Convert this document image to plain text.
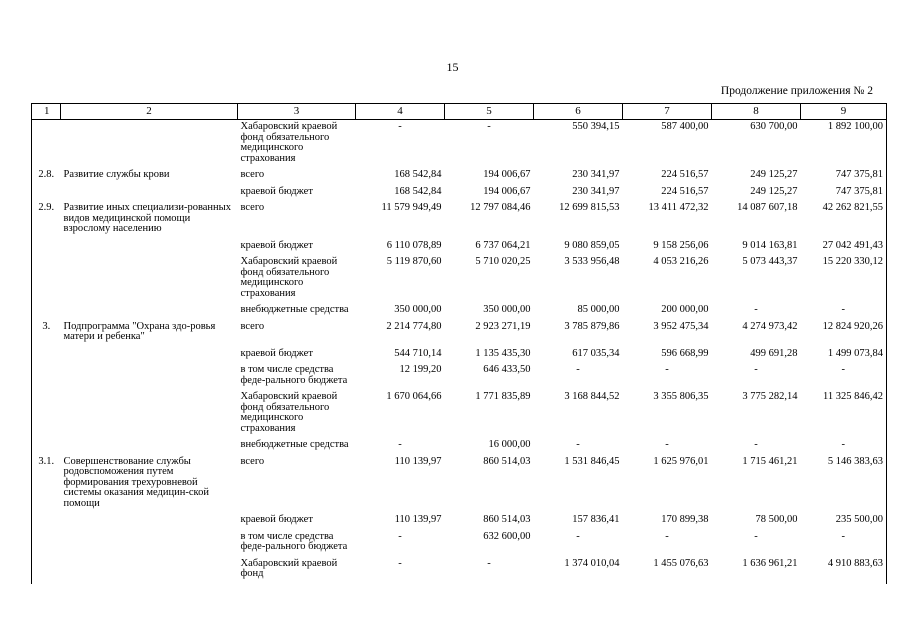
15
Продолжение приложения № 2
1	2	3	4	5	6	7	8	9
		Хабаровский краевой фонд обязательного медицинского страхования	-	-	550 394,15	587 400,00	630 700,00	1 892 100,00
2.8.	Развитие службы крови	всего	168 542,84	194 006,67	230 341,97	224 516,57	249 125,27	747 375,81
		краевой бюджет	168 542,84	194 006,67	230 341,97	224 516,57	249 125,27	747 375,81
2.9.	Развитие иных специализи-рованных видов медицинской помощи взрослому населению	всего	11 579 949,49	12 797 084,46	12 699 815,53	13 411 472,32	14 087 607,18	42 262 821,55
		краевой бюджет	6 110 078,89	6 737 064,21	9 080 859,05	9 158 256,06	9 014 163,81	27 042 491,43
		Хабаровский краевой фонд обязательного медицинского страхования	5 119 870,60	5 710 020,25	3 533 956,48	4 053 216,26	5 073 443,37	15 220 330,12
		внебюджетные средства	350 000,00	350 000,00	85 000,00	200 000,00	-	-
3.	Подпрограмма "Охрана здо-ровья матери и ребенка"	всего	2 214 774,80	2 923 271,19	3 785 879,86	3 952 475,34	4 274 973,42	12 824 920,26
		краевой бюджет	544 710,14	1 135 435,30	617 035,34	596 668,99	499 691,28	1 499 073,84
		в том числе средства феде-рального бюджета	12 199,20	646 433,50	-	-	-	-
		Хабаровский краевой фонд обязательного медицинского страхования	1 670 064,66	1 771 835,89	3 168 844,52	3 355 806,35	3 775 282,14	11 325 846,42
		внебюджетные средства	-	16 000,00	-	-	-	-
3.1.	Совершенствование службы родовспоможения путем формирования трехуровневой системы оказания медицин-ской помощи	всего	110 139,97	860 514,03	1 531 846,45	1 625 976,01	1 715 461,21	5 146 383,63
		краевой бюджет	110 139,97	860 514,03	157 836,41	170 899,38	78 500,00	235 500,00
		в том числе средства феде-рального бюджета	-	632 600,00	-	-	-	-
		Хабаровский краевой фонд	-	-	1 374 010,04	1 455 076,63	1 636 961,21	4 910 883,63
